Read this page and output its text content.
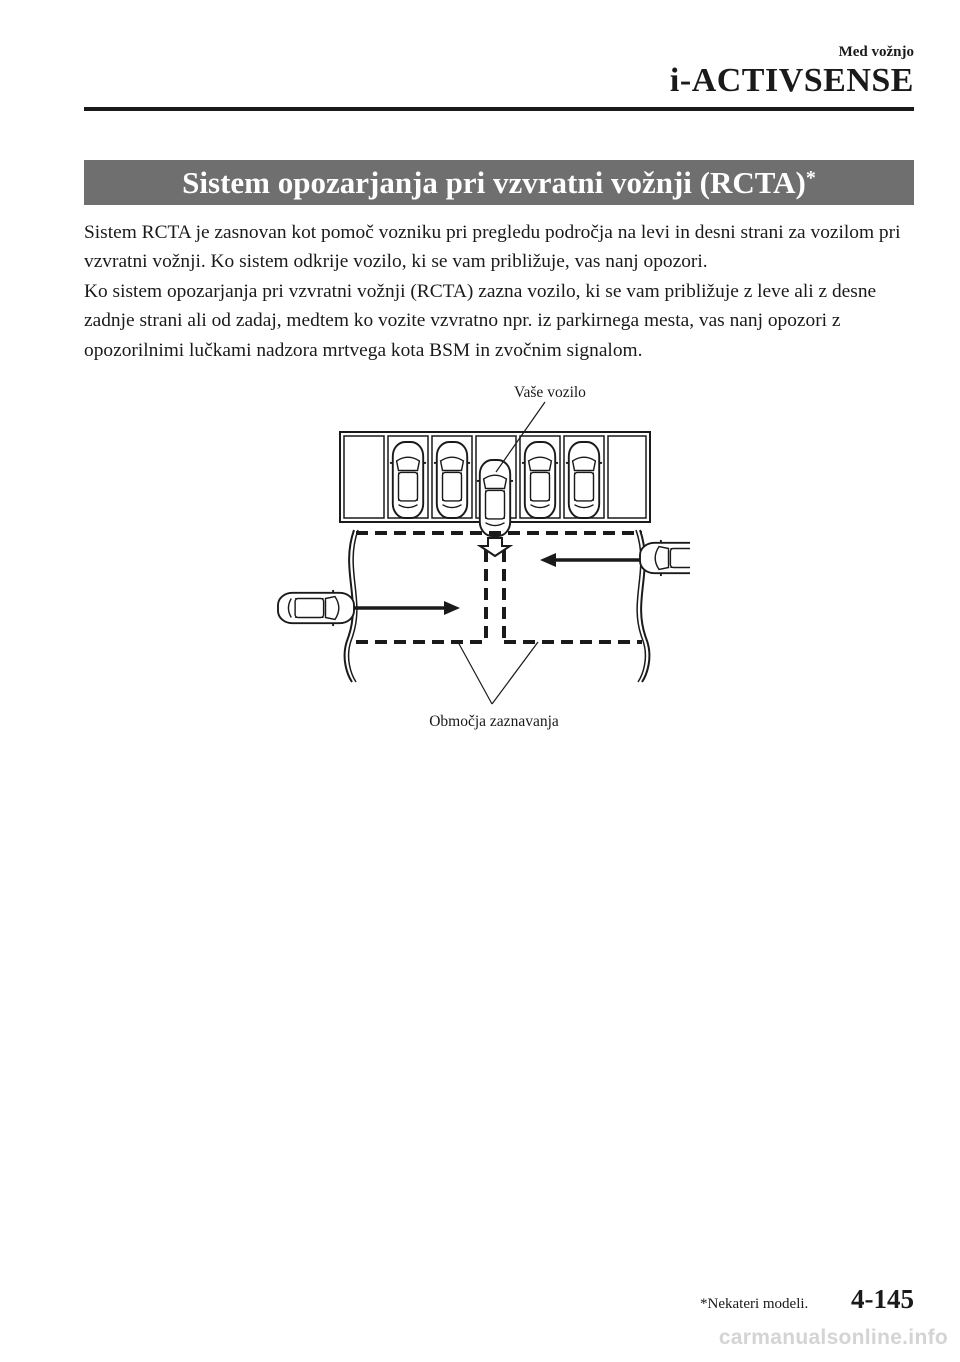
Med vožnjo
i-ACTIVSENSE
Sistem opozarjanja pri vzvratni vožnji (RCTA)*

Sistem RCTA je zasnovan kot pomoč vozniku pri pregledu področja na levi in desni strani za vozilom pri vzvratni vožnji. Ko sistem odkrije vozilo, ki se vam približuje, vas nanj opozori.

Ko sistem opozarjanja pri vzvratni vožnji (RCTA) zazna vozilo, ki se vam približuje z leve ali z desne zadnje strani ali od zadaj, medtem ko vozite vzvratno npr. iz parkirnega mesta, vas nanj opozori z opozorilnimi lučkami nadzora mrtvega kota BSM in zvočnim signalom.

Vaše vozilo
Območja zaznavanja
*Nekateri modeli. 4-145
carmanualsonline.info
